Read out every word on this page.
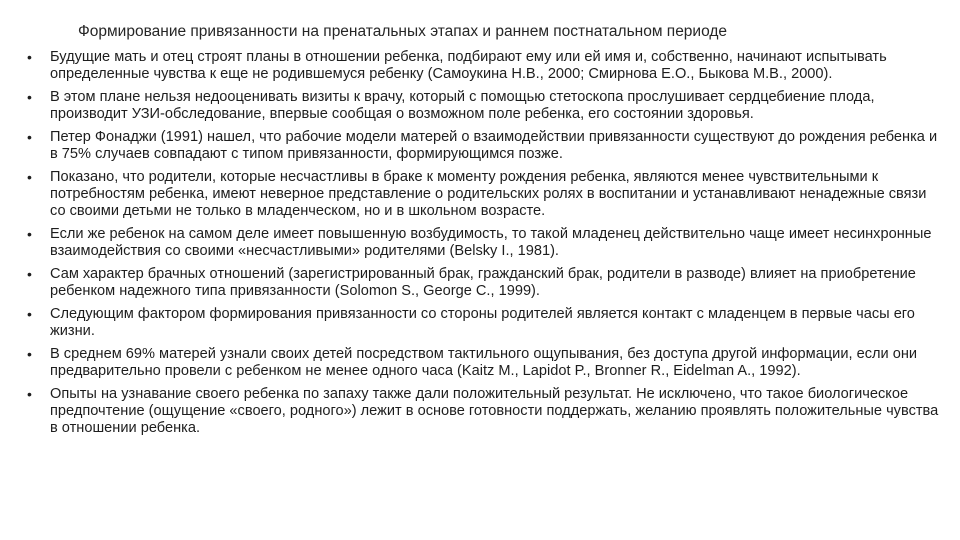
Формирование привязанности на пренатальных этапах и раннем постнатальном периоде
• Будущие мать и отец строят планы в отношении ребенка, подбирают ему или ей имя и, собственно, начинают испытывать определенные чувства к еще не родившемуся ребенку (Самоукина Н.В., 2000; Смирнова Е.О., Быкова М.В., 2000).
• В этом плане нельзя недооценивать визиты к врачу, который с помощью стетоскопа прослушивает сердцебиение плода, производит УЗИ-обследование, впервые сообщая о возможном поле ребенка, его состоянии здоровья.
• Петер Фонаджи (1991) нашел, что рабочие модели матерей о взаимодействии привязанности существуют до рождения ребенка и в 75% случаев совпадают с типом привязанности, формирующимся позже.
• Показано, что родители, которые несчастливы в браке к моменту рождения ребенка, являются менее чувствительными к потребностям ребенка, имеют неверное представление о родительских ролях в воспитании и устанавливают ненадежные связи со своими детьми не только в младенческом, но и в школьном возрасте.
• Если же ребенок на самом деле имеет повышенную возбудимость, то такой младенец действительно чаще имеет несинхронные взаимодействия со своими «несчастливыми» родителями (Belsky I., 1981).
• Сам характер брачных отношений (зарегистрированный брак, гражданский брак, родители в разводе) влияет на приобретение ребенком надежного типа привязанности (Solomon S., George C., 1999).
• Следующим фактором формирования привязанности со стороны родителей является контакт с младенцем в первые часы его жизни.
• В среднем 69% матерей узнали своих детей посредством тактильного ощупывания, без доступа другой информации, если они предварительно провели с ребенком не менее одного часа (Kaitz M., Lapidot P., Bronner R., Eidelman A., 1992).
• Опыты на узнавание своего ребенка по запаху также дали положительный результат. Не исключено, что такое биологическое предпочтение (ощущение «своего, родного») лежит в основе готовности поддержать, желанию проявлять положительные чувства в отношении ребенка.
